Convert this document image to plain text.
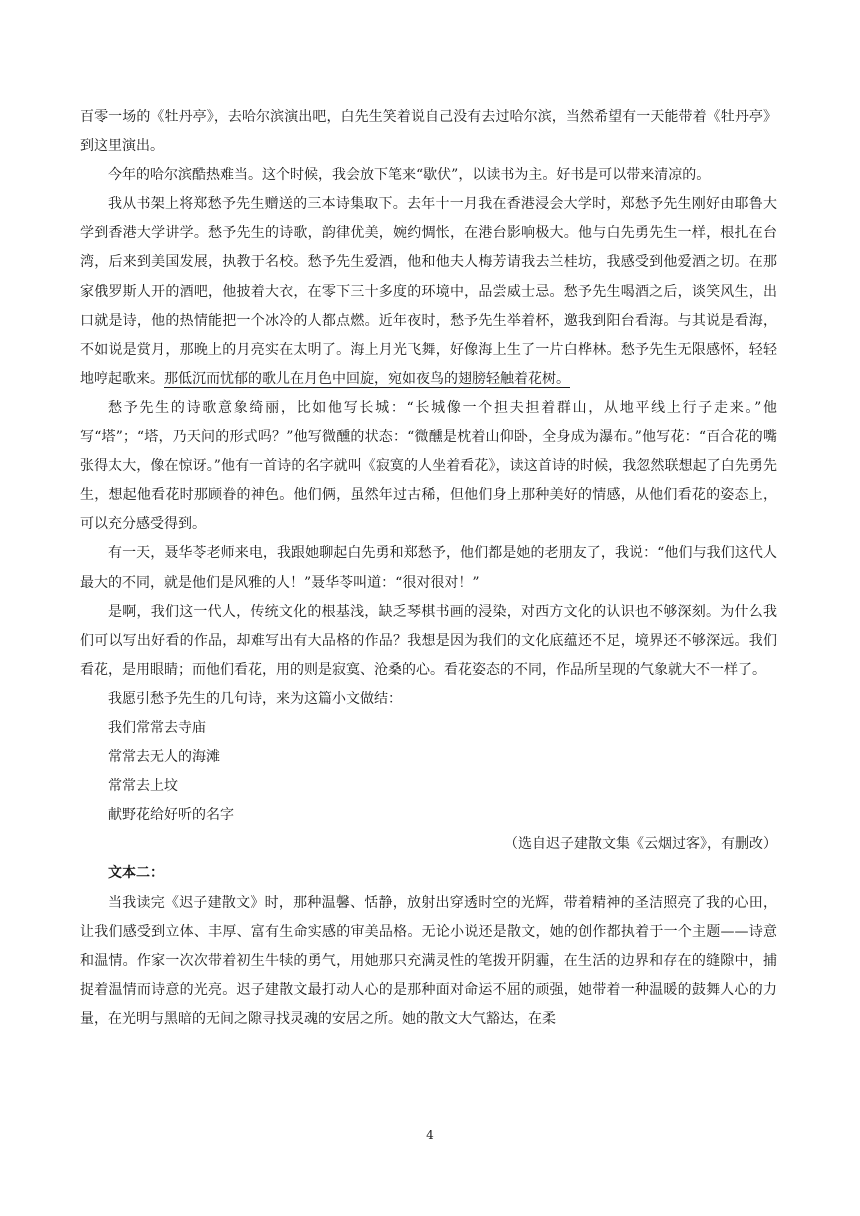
百零一场的《牡丹亭》，去哈尔滨演出吧，白先生笑着说自己没有去过哈尔滨，当然希望有一天能带着《牡丹亭》到这里演出。

今年的哈尔滨酷热难当。这个时候，我会放下笔来“歇伏”，以读书为主。好书是可以带来清凉的。

我从书架上将郑愁予先生赠送的三本诗集取下。去年十一月我在香港浸会大学时，郑愁予先生刚好由耶鲁大学到香港大学讲学。愁予先生的诗歌，韵律优美，婉约惆怅，在港台影响极大。他与白先勇先生一样，根扎在台湾，后来到美国发展，执教于名校。愁予先生爱酒，他和他夫人梅芳请我去兰桂坊，我感受到他爱酒之切。在那家俄罗斯人开的酒吧，他披着大衣，在零下三十多度的环境中，品尝威士忌。愁予先生喝酒之后，谈笑风生，出口就是诗，他的热情能把一个冰冷的人都点燃。近年夜时，愁予先生举着杯，邀我到阳台看海。与其说是看海，不如说是赏月，那晚上的月亮实在太明了。海上月光飞舞，好像海上生了一片白桦林。愁予先生无限感怀，轻轻地哼起歌来。那低沉而忧郁的歌儿在月色中回旋，宛如夜鸟的翅膀轻触着花树。

愁予先生的诗歌意象绮丽，比如他写长城：“长城像一个担夫担着群山，从地平线上行子走来。”他写“塔”；“塔，乃天问的形式吗？”他写微醺的状态：“微醺是枕着山仰卧，全身成为瀑布。”他写花：“百合花的嘴张得太大，像在惊讶。”他有一首诗的名字就叫《寂寞的人坐着看花》，读这首诗的时候，我忽然联想起了白先勇先生，想起他看花时那顾眷的神色。他们俩，虽然年过古稀，但他们身上那种美好的情感，从他们看花的姿态上，可以充分感受得到。

有一天，聂华苓老师来电，我跟她聊起白先勇和郑愁予，他们都是她的老朋友了，我说：“他们与我们这代人最大的不同，就是他们是风雅的人！”聂华苓叫道：“很对很对！”

是啊，我们这一代人，传统文化的根基浅，缺乏琴棋书画的浸染，对西方文化的认识也不够深刻。为什么我们可以写出好看的作品，却难写出有大品格的作品？我想是因为我们的文化底蕴还不足，境界还不够深远。我们看花，是用眼睛；而他们看花，用的则是寂寞、沧桑的心。看花姿态的不同，作品所呈现的气象就大不一样了。

我愿引愁予先生的几句诗，来为这篇小文做结：

我们常常去寺庙

常常去无人的海滩

常常去上坟

献野花给好听的名字

（选自迟子建散文集《云烟过客》，有删改）

文本二：

当我读完《迟子建散文》时，那种温馨、恬静，放射出穿透时空的光辉，带着精神的圣洁照亮了我的心田，让我们感受到立体、丰厚、富有生命实感的审美品格。无论小说还是散文，她的创作都执着于一个主题——诗意和温情。作家一次次带着初生牛犊的勇气，用她那只充满灵性的笔拨开阴霾，在生活的边界和存在的缝隙中，捕捉着温情而诗意的光亮。迟子建散文最打动人心的是那种面对命运不屈的顽强，她带着一种温暖的鼓舞人心的力量，在光明与黑暗的无间之隙寻找灵魂的安居之所。她的散文大气豁达，在柔

4
